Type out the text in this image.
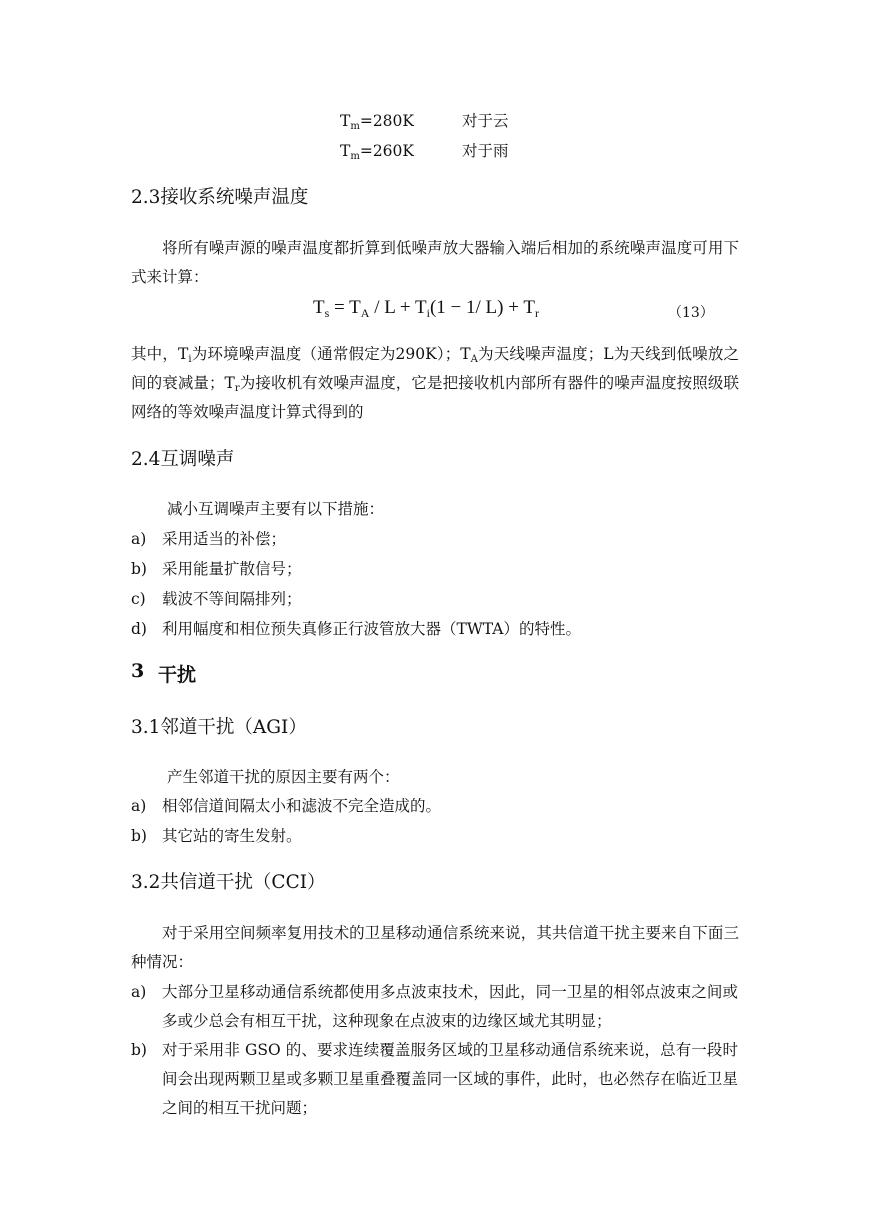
$T_m=280K$	对于云
$T_m=260K$	对于雨
2.3接收系统噪声温度
将所有噪声源的噪声温度都折算到低噪声放大器输入端后相加的系统噪声温度可用下式来计算：
$T_s = T_A / L + T_i(1 - 1/$ $L) + T_r$	（13）
其中，$T_i$为环境噪声温度（通常假定为290K）；$T_A$为天线噪声温度；L为天线到低噪放之间的衰减量；$T_r$为接收机有效噪声温度，它是把接收机内部所有器件的噪声温度按照级联网络的等效噪声温度计算式得到的
2.4互调噪声
减小互调噪声主要有以下措施：
a) 采用适当的补偿；
b) 采用能量扩散信号；
c) 载波不等间隔排列；
d) 利用幅度和相位预失真修正行波管放大器（TWTA）的特性。
3 干扰
3.1邻道干扰（AGI）
产生邻道干扰的原因主要有两个：
a) 相邻信道间隔太小和滤波不完全造成的。
b) 其它站的寄生发射。
3.2共信道干扰（CCI）
对于采用空间频率复用技术的卫星移动通信系统来说，其共信道干扰主要来自下面三种情况：
a) 大部分卫星移动通信系统都使用多点波束技术，因此，同一卫星的相邻点波束之间或多或少总会有相互干扰，这种现象在点波束的边缘区域尤其明显；
b) 对于采用非 GSO 的、要求连续覆盖服务区域的卫星移动通信系统来说，总有一段时间会出现两颗卫星或多颗卫星重叠覆盖同一区域的事件，此时，也必然存在临近卫星之间的相互干扰问题；
